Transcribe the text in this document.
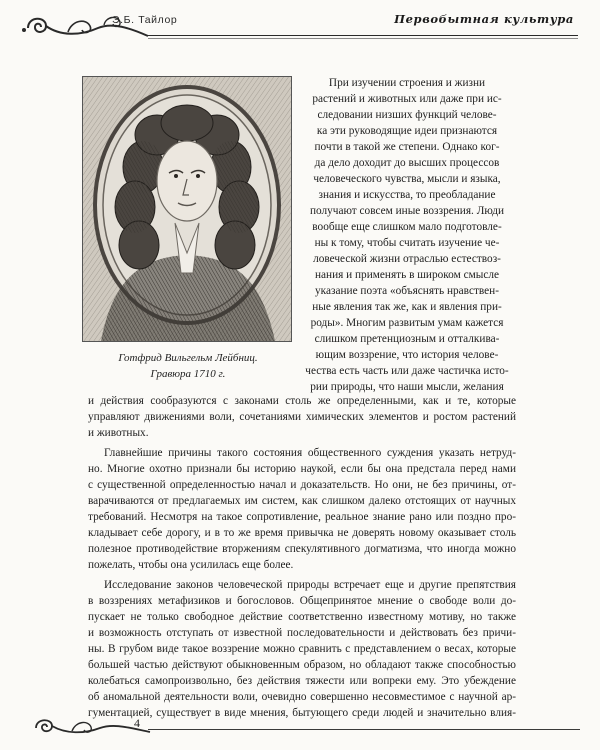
Э.Б. Тайлор	Первобытная культура
Готфрид Вильгельм Лейбниц.
Гравюра 1710 г.
При изучении строения и жизни
растений и животных или даже при ис-
следовании низших функций челове-
ка эти руководящие идеи признаются
почти в такой же степени. Однако ког-
да дело доходит до высших процессов
человеческого чувства, мысли и языка,
знания и искусства, то преобладание
получают совсем иные воззрения. Люди
вообще еще слишком мало подготовле-
ны к тому, чтобы считать изучение че-
ловеческой жизни отраслью естествоз-
нания и применять в широком смысле
указание поэта «объяснять нравствен-
ные явления так же, как и явления при-
роды». Многим развитым умам кажется
слишком претенциозным и отталкива-
ющим воззрение, что история челове-
чества есть часть или даже частичка исто-
рии природы, что наши мысли, желания
и действия сообразуются с законами столь же определенными, как и те, которые
управляют движениями воли, сочетаниями химических элементов и ростом растений
и животных.
Главнейшие причины такого состояния общественного суждения указать нетруд-
но. Многие охотно признали бы историю наукой, если бы она предстала перед нами
с существенной определенностью начал и доказательств. Но они, не без причины, от-
варачиваются от предлагаемых им систем, как слишком далеко отстоящих от научных
требований. Несмотря на такое сопротивление, реальное знание рано или поздно про-
кладывает себе дорогу, и в то же время привычка не доверять новому оказывает столь
полезное противодействие вторжениям спекулятивного догматизма, что иногда можно
пожелать, чтобы она усилилась еще более.
Исследование законов человеческой природы встречает еще и другие препятствия
в воззрениях метафизиков и богословов. Общепринятое мнение о свободе воли до-
пускает не только свободное действие соответственно известному мотиву, но также
и возможность отступать от известной последовательности и действовать без причи-
ны. В грубом виде такое воззрение можно сравнить с представлением о весах, которые
большей частью действуют обыкновенным образом, но обладают также способностью
колебаться самопроизвольно, без действия тяжести или вопреки ему. Это убеждение
об аномальной деятельности воли, очевидно совершенно несовместимое с научной ар-
гументацией, существует в виде мнения, бытующего среди людей и значительно влия-
4
